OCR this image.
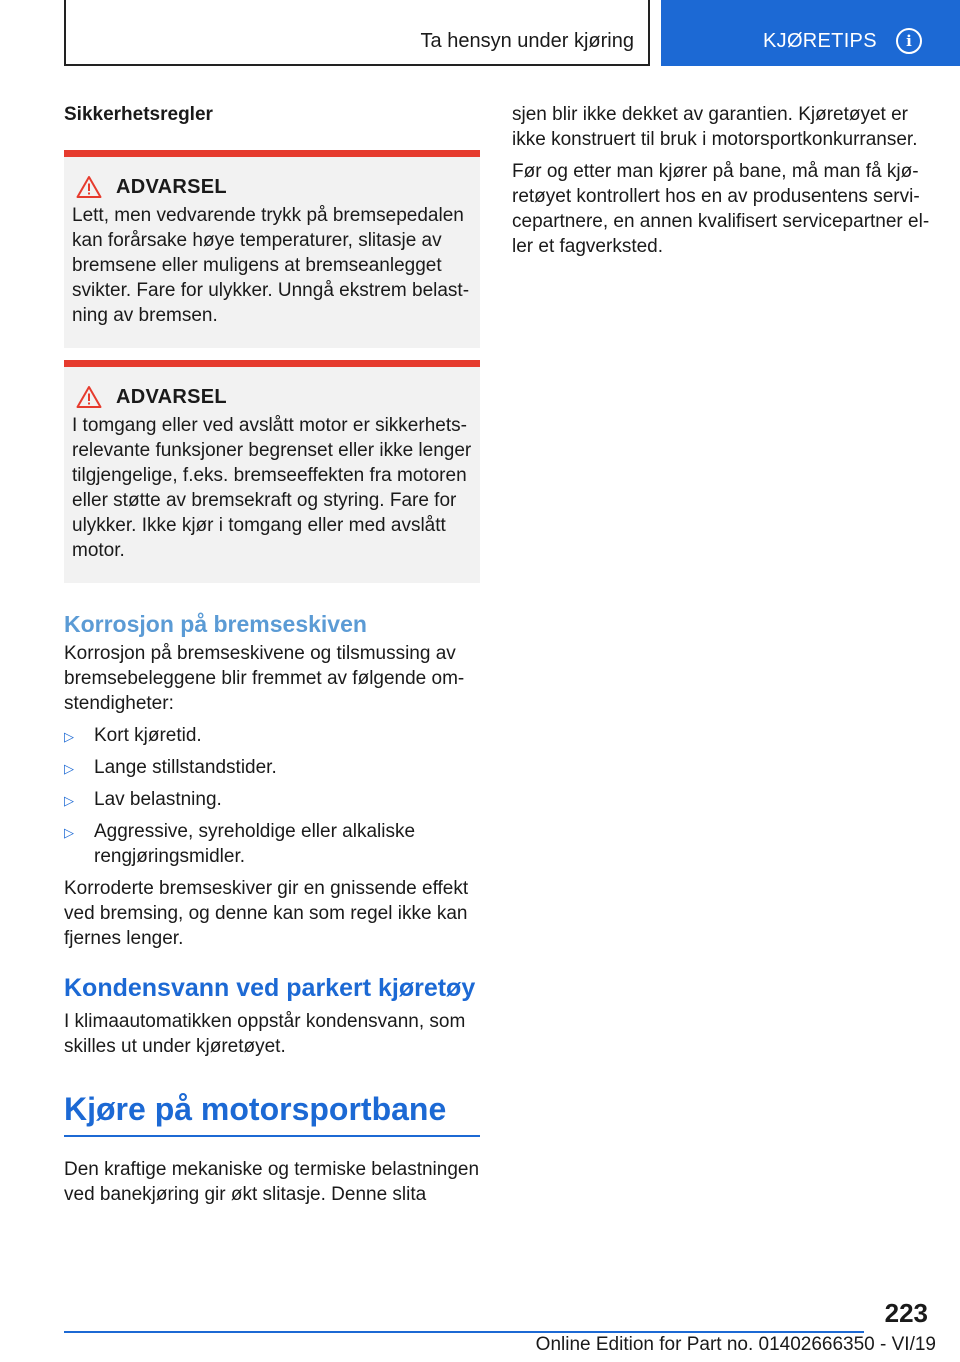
Ta hensyn under kjøring	KJØRETIPS	i
Sikkerhetsregler
ADVARSEL
Lett, men vedvarende trykk på bremsepedalen kan forårsake høye temperaturer, slitasje av bremsene eller muligens at bremseanlegget svikter. Fare for ulykker. Unngå ekstrem belastning av bremsen.
ADVARSEL
I tomgang eller ved avslått motor er sikkerhetsrelevante funksjoner begrenset eller ikke lenger tilgjengelige, f.eks. bremseeffekten fra motoren eller støtte av bremsekraft og styring. Fare for ulykker. Ikke kjør i tomgang eller med avslått motor.
Korrosjon på bremseskiven
Korrosjon på bremseskivene og tilsmussing av bremsebeleggene blir fremmet av følgende omstendigheter:
▷ Kort kjøretid.
▷ Lange stillstandstider.
▷ Lav belastning.
▷ Aggressive, syreholdige eller alkaliske rengjøringsmidler.
Korroderte bremseskiver gir en gnissende effekt ved bremsing, og denne kan som regel ikke kan fjernes lenger.
Kondensvann ved parkert kjøretøy
I klimaautomatikken oppstår kondensvann, som skilles ut under kjøretøyet.
Kjøre på motorsportbane
Den kraftige mekaniske og termiske belastningen ved banekjøring gir økt slitasje. Denne slita
sjen blir ikke dekket av garantien. Kjøretøyet er ikke konstruert til bruk i motorsportkonkurranser.
Før og etter man kjører på bane, må man få kjøretøyet kontrollert hos en av produsentens servicepartnere, en annen kvalifisert servicepartner eller et fagverksted.
223
Online Edition for Part no. 01402666350 - VI/19
